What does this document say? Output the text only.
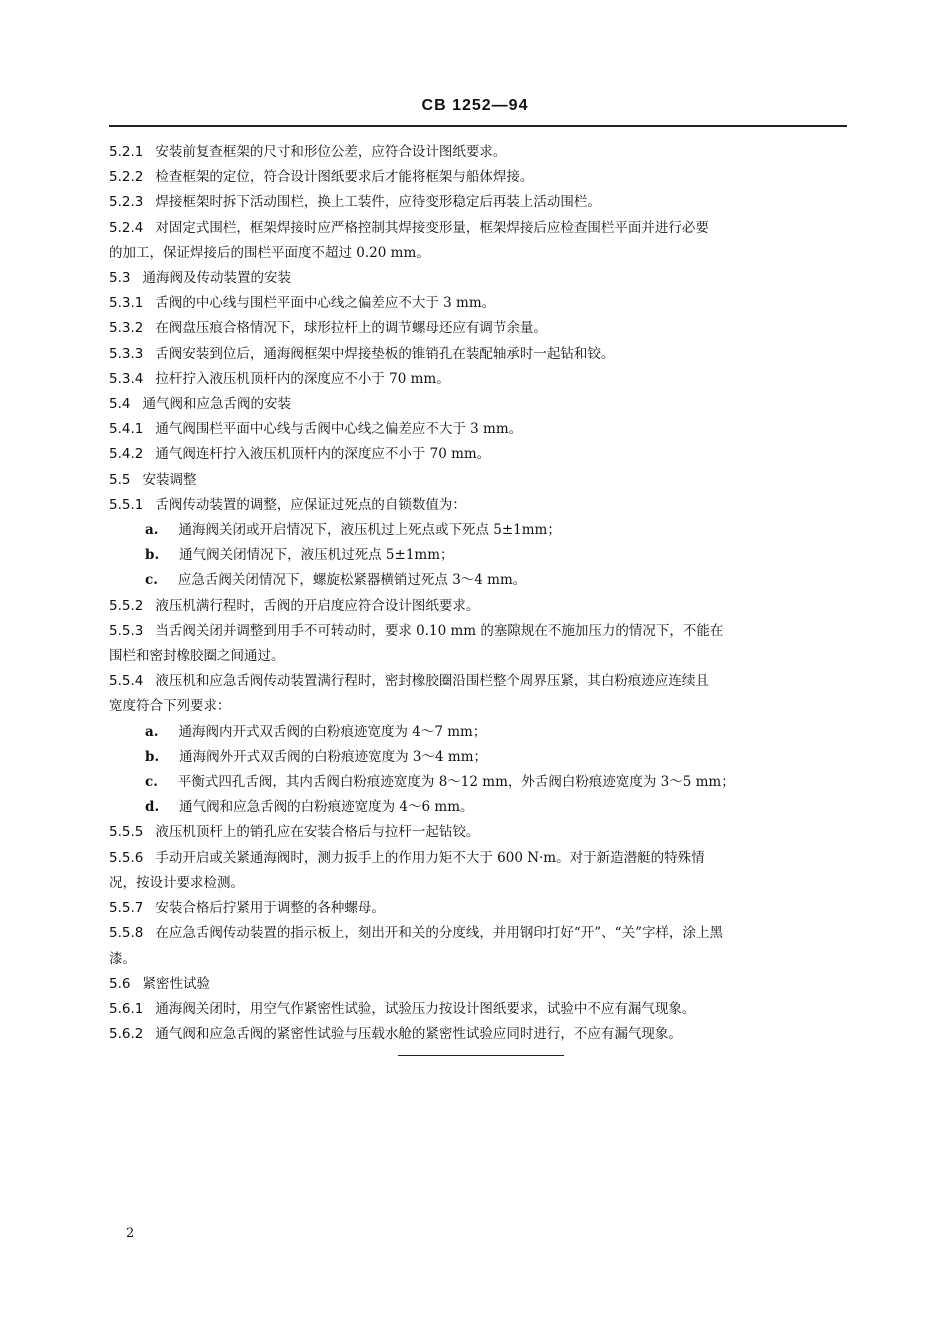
CB 1252—94
5.2.1 安装前复查框架的尺寸和形位公差，应符合设计图纸要求。
5.2.2 检查框架的定位，符合设计图纸要求后才能将框架与船体焊接。
5.2.3 焊接框架时拆下活动围栏，换上工装件，应待变形稳定后再装上活动围栏。
5.2.4 对固定式围栏，框架焊接时应严格控制其焊接变形量，框架焊接后应检查围栏平面并进行必要
的加工，保证焊接后的围栏平面度不超过 0.20 mm。
5.3 通海阀及传动装置的安装
5.3.1 舌阀的中心线与围栏平面中心线之偏差应不大于 3 mm。
5.3.2 在阀盘压痕合格情况下，球形拉杆上的调节螺母还应有调节余量。
5.3.3 舌阀安装到位后，通海阀框架中焊接垫板的锥销孔在装配轴承时一起钻和铰。
5.3.4 拉杆拧入液压机顶杆内的深度应不小于 70 mm。
5.4 通气阀和应急舌阀的安装
5.4.1 通气阀围栏平面中心线与舌阀中心线之偏差应不大于 3 mm。
5.4.2 通气阀连杆拧入液压机顶杆内的深度应不小于 70 mm。
5.5 安装调整
5.5.1 舌阀传动装置的调整，应保证过死点的自锁数值为：
a. 通海阀关闭或开启情况下，液压机过上死点或下死点 5±1mm；
b. 通气阀关闭情况下，液压机过死点 5±1mm；
c. 应急舌阀关闭情况下，螺旋松紧器横销过死点 3～4 mm。
5.5.2 液压机满行程时，舌阀的开启度应符合设计图纸要求。
5.5.3 当舌阀关闭并调整到用手不可转动时，要求 0.10 mm 的塞隙规在不施加压力的情况下，不能在
围栏和密封橡胶圈之间通过。
5.5.4 液压机和应急舌阀传动装置满行程时，密封橡胶圈沿围栏整个周界压紧，其白粉痕迹应连续且
宽度符合下列要求：
a. 通海阀内开式双舌阀的白粉痕迹宽度为 4～7 mm；
b. 通海阀外开式双舌阀的白粉痕迹宽度为 3～4 mm；
c. 平衡式四孔舌阀，其内舌阀白粉痕迹宽度为 8～12 mm，外舌阀白粉痕迹宽度为 3～5 mm；
d. 通气阀和应急舌阀的白粉痕迹宽度为 4～6 mm。
5.5.5 液压机顶杆上的销孔应在安装合格后与拉杆一起钻铰。
5.5.6 手动开启或关紧通海阀时，测力扳手上的作用力矩不大于 600 N·m。对于新造潜艇的特殊情
况，按设计要求检测。
5.5.7 安装合格后拧紧用于调整的各种螺母。
5.5.8 在应急舌阀传动装置的指示板上，刻出开和关的分度线，并用钢印打好“开”、“关”字样，涂上黑
漆。
5.6 紧密性试验
5.6.1 通海阀关闭时，用空气作紧密性试验，试验压力按设计图纸要求，试验中不应有漏气现象。
5.6.2 通气阀和应急舌阀的紧密性试验与压载水舱的紧密性试验应同时进行，不应有漏气现象。
2
